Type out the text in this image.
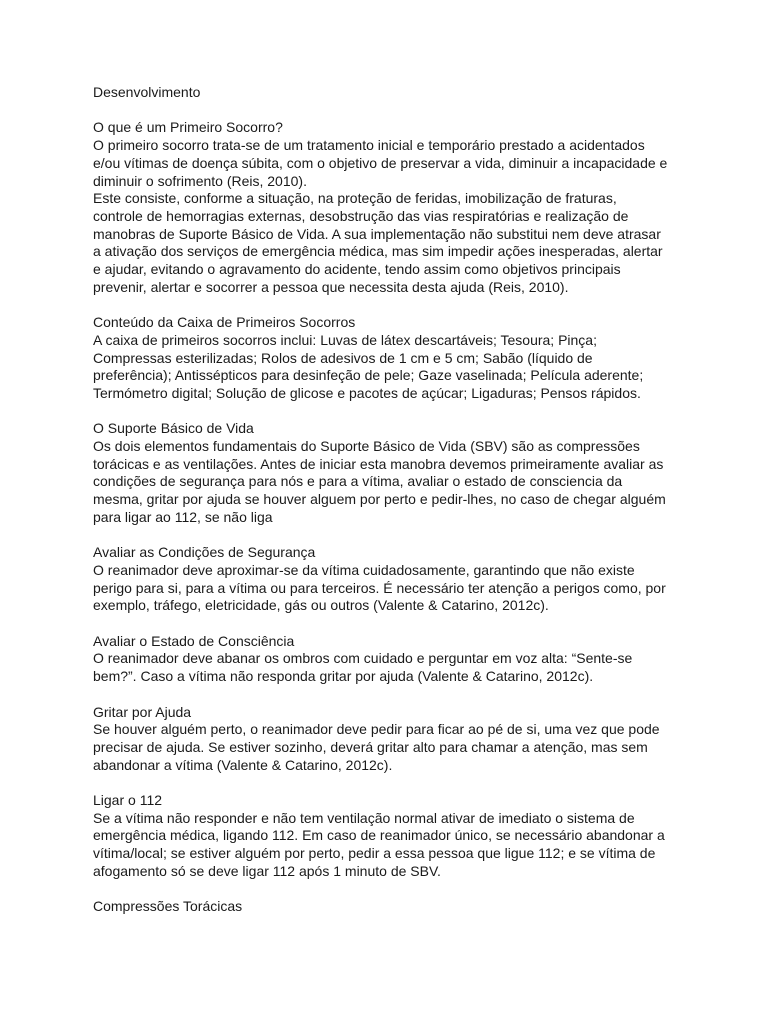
Desenvolvimento
O que é um Primeiro Socorro?
O primeiro socorro trata-se de um tratamento inicial e temporário prestado a acidentados
e/ou vítimas de doença súbita, com o objetivo de preservar a vida, diminuir a incapacidade e
diminuir o sofrimento (Reis, 2010).
Este consiste, conforme a situação, na proteção de feridas, imobilização de fraturas,
controle de hemorragias externas, desobstrução das vias respiratórias e realização de
manobras de Suporte Básico de Vida. A sua implementação não substitui nem deve atrasar
a ativação dos serviços de emergência médica, mas sim impedir ações inesperadas, alertar
e ajudar, evitando o agravamento do acidente, tendo assim como objetivos principais
prevenir, alertar e socorrer a pessoa que necessita desta ajuda (Reis, 2010).
Conteúdo da Caixa de Primeiros Socorros
A caixa de primeiros socorros inclui: Luvas de látex descartáveis; Tesoura; Pinça;
Compressas esterilizadas; Rolos de adesivos de 1 cm e 5 cm; Sabão (líquido de
preferência); Antissépticos para desinfeção de pele; Gaze vaselinada; Película aderente;
Termómetro digital; Solução de glicose e pacotes de açúcar; Ligaduras; Pensos rápidos.
O Suporte Básico de Vida
Os dois elementos fundamentais do Suporte Básico de Vida (SBV) são as compressões
torácicas e as ventilações. Antes de iniciar esta manobra devemos primeiramente avaliar as
condições de segurança para nós e para a vítima, avaliar o estado de consciencia da
mesma, gritar por ajuda se houver alguem por perto e pedir-lhes, no caso de chegar alguém
para ligar ao 112, se não liga
Avaliar as Condições de Segurança
O reanimador deve aproximar-se da vítima cuidadosamente, garantindo que não existe
perigo para si, para a vítima ou para terceiros. É necessário ter atenção a perigos como, por
exemplo, tráfego, eletricidade, gás ou outros (Valente & Catarino, 2012c).
Avaliar o Estado de Consciência
O reanimador deve abanar os ombros com cuidado e perguntar em voz alta: “Sente-se
bem?”. Caso a vítima não responda gritar por ajuda (Valente & Catarino, 2012c).
Gritar por Ajuda
Se houver alguém perto, o reanimador deve pedir para ficar ao pé de si, uma vez que pode
precisar de ajuda. Se estiver sozinho, deverá gritar alto para chamar a atenção, mas sem
abandonar a vítima (Valente & Catarino, 2012c).
Ligar o 112
Se a vítima não responder e não tem ventilação normal ativar de imediato o sistema de
emergência médica, ligando 112. Em caso de reanimador único, se necessário abandonar a
vítima/local; se estiver alguém por perto, pedir a essa pessoa que ligue 112; e se vítima de
afogamento só se deve ligar 112 após 1 minuto de SBV.
Compressões Torácicas
